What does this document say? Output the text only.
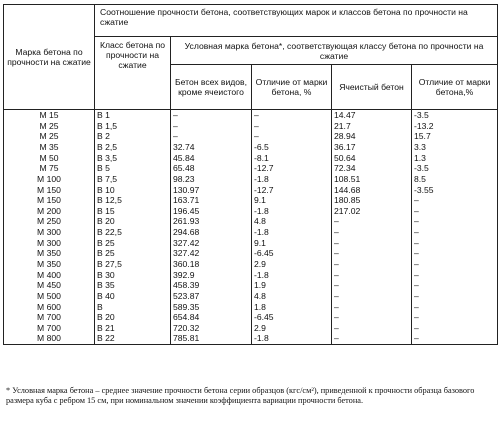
Марка бетона по прочности на сжатие	Соотношение прочности бетона, соответствующих марок и классов бетона по прочности на сжатие				
	Класс бетона по прочности на сжатие	Условная марка бетона*, соответствующая классу бетона по прочности на сжатие			
		Бетон всех видов, кроме ячеистого	Отличие от марки бетона, %	Ячеистый бетон	Отличие от марки бетона,%
М 15	В 1	–	–	14.47	-3.5
М 25	В 1,5	–	–	21.7	-13.2
М 25	В 2	–	–	28.94	15.7
М 35	В 2,5	32.74	-6.5	36.17	3.3
М 50	В 3,5	45.84	-8.1	50.64	1.3
М 75	В 5	65.48	-12.7	72.34	-3.5
М 100	В 7,5	98.23	-1.8	108.51	8.5
М 150	В 10	130.97	-12.7	144.68	-3.55
М 150	В 12,5	163.71	9.1	180.85	–
М 200	В 15	196.45	-1.8	217.02	–
М 250	В 20	261.93	4.8	–	–
М 300	В 22,5	294.68	-1.8	–	–
М 300	В 25	327.42	9.1	–	–
М 350	В 25	327.42	-6.45	–	–
М 350	В 27,5	360.18	2.9	–	–
М 400	В 30	392.9	-1.8	–	–
М 450	В 35	458.39	1.9	–	–
М 500	В 40	523.87	4.8	–	–
М 600	В	589.35	1.8	–	–
М 700	В 20	654.84	-6.45	–	–
М 700	В 21	720.32	2.9	–	–
М 800	В 22	785.81	-1.8	–	–
* Условная марка бетона – среднее значение прочности бетона серии образцов (кгс/см²), приведенной к прочности образца базового размера куба с ребром 15 см, при номинальном значении коэффициента вариации прочности бетона.
